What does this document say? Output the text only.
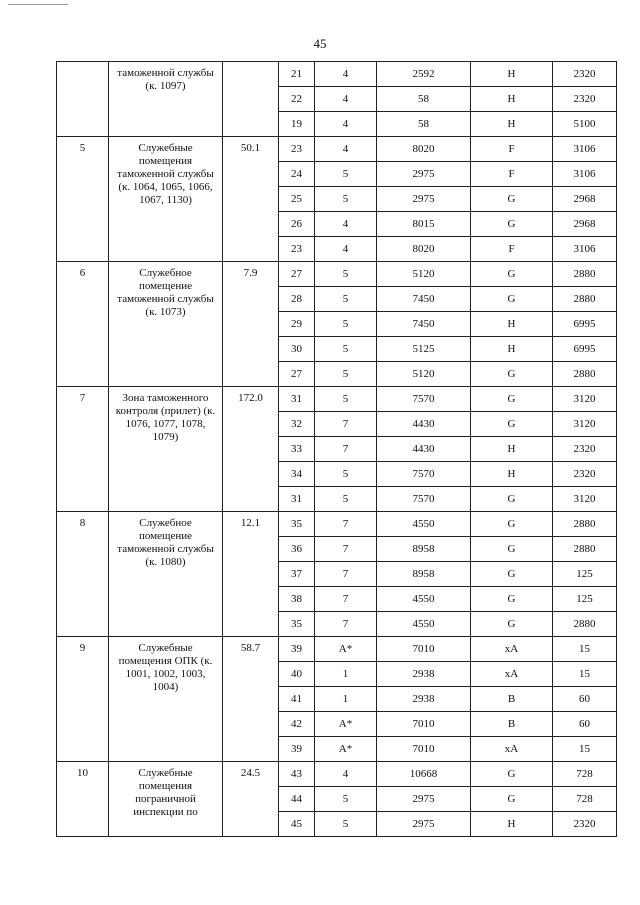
45
	таможенной службы (к. 1097)		21	4	2592	H	2320
			22	4	58	H	2320
			19	4	58	H	5100
5	Служебные помещения таможенной службы (к. 1064, 1065, 1066, 1067, 1130)	50.1	23	4	8020	F	3106
			24	5	2975	F	3106
			25	5	2975	G	2968
			26	4	8015	G	2968
			23	4	8020	F	3106
6	Служебное помещение таможенной службы (к. 1073)	7.9	27	5	5120	G	2880
			28	5	7450	G	2880
			29	5	7450	H	6995
			30	5	5125	H	6995
			27	5	5120	G	2880
7	Зона таможенного контроля (прилет) (к. 1076, 1077, 1078, 1079)	172.0	31	5	7570	G	3120
			32	7	4430	G	3120
			33	7	4430	H	2320
			34	5	7570	H	2320
			31	5	7570	G	3120
8	Служебное помещение таможенной службы (к. 1080)	12.1	35	7	4550	G	2880
			36	7	8958	G	2880
			37	7	8958	G	125
			38	7	4550	G	125
			35	7	4550	G	2880
9	Служебные помещения ОПК (к. 1001, 1002, 1003, 1004)	58.7	39	A*	7010	xA	15
			40	1	2938	xA	15
			41	1	2938	B	60
			42	A*	7010	B	60
			39	A*	7010	xA	15
10	Служебные помещения пограничной инспекции по	24.5	43	4	10668	G	728
			44	5	2975	G	728
			45	5	2975	H	2320
